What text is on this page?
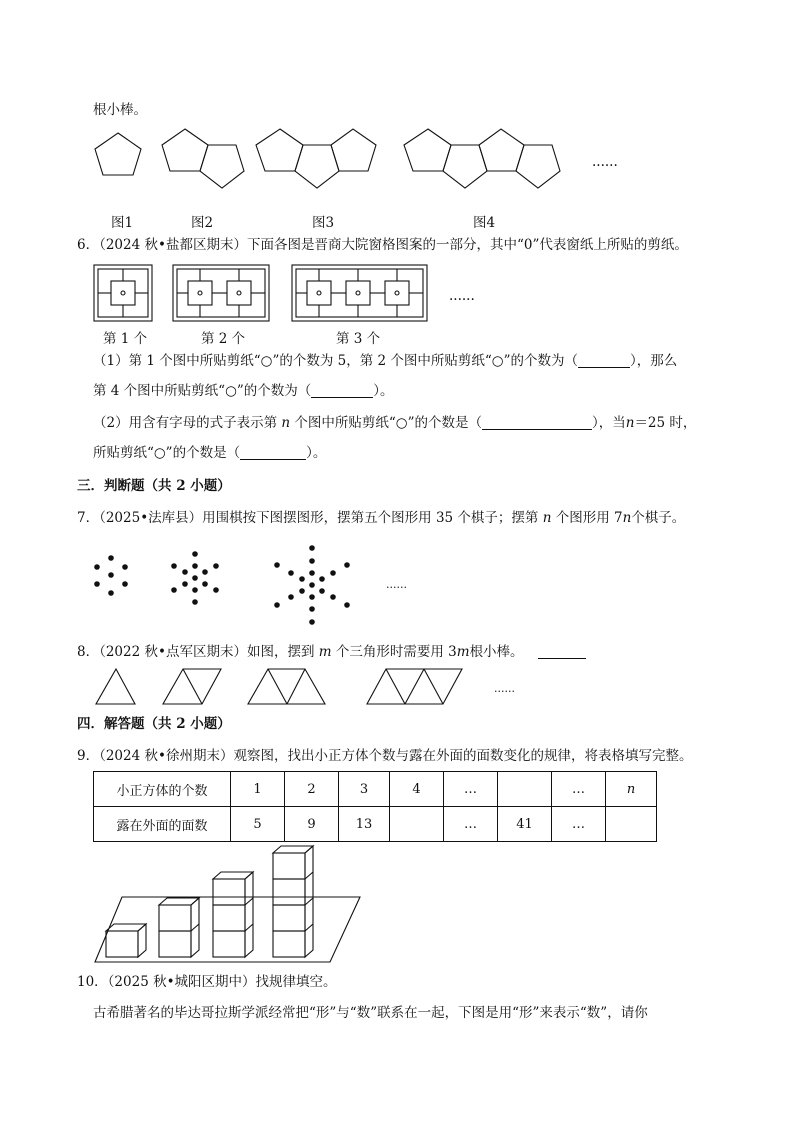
根小棒。
......
图1	图2	图3	图4
6．（2024 秋•盐都区期末）下面各图是晋商大院窗格图案的一部分，其中“0”代表窗纸上所贴的剪纸。
......
第 1 个	第 2 个	第 3 个
（1）第 1 个图中所贴剪纸“○”的个数为 5，第 2 个图中所贴剪纸“○”的个数为（	），那么
第 4 个图中所贴剪纸“○”的个数为（	）。
（2）用含有字母的式子表示第 n 个图中所贴剪纸“○”的个数是（	），当n＝25 时，
所贴剪纸“○”的个数是（	）。
三．判断题（共 2 小题）
7．（2025•法库县）用围棋按下图摆图形，摆第五个图形用 35 个棋子；摆第 n 个图形用 7n个棋子。
......
8．（2022 秋•点军区期末）如图，摆到 m 个三角形时需要用 3m根小棒。
......
四．解答题（共 2 小题）
9．（2024 秋•徐州期末）观察图，找出小正方体个数与露在外面的面数变化的规律，将表格填写完整。
小正方体的个数	1	2	3	4	…		…	n
露在外面的面数	5	9	13		…	41	…	
10．（2025 秋•城阳区期中）找规律填空。
古希腊著名的毕达哥拉斯学派经常把“形”与“数”联系在一起，下图是用“形”来表示“数”，请你
